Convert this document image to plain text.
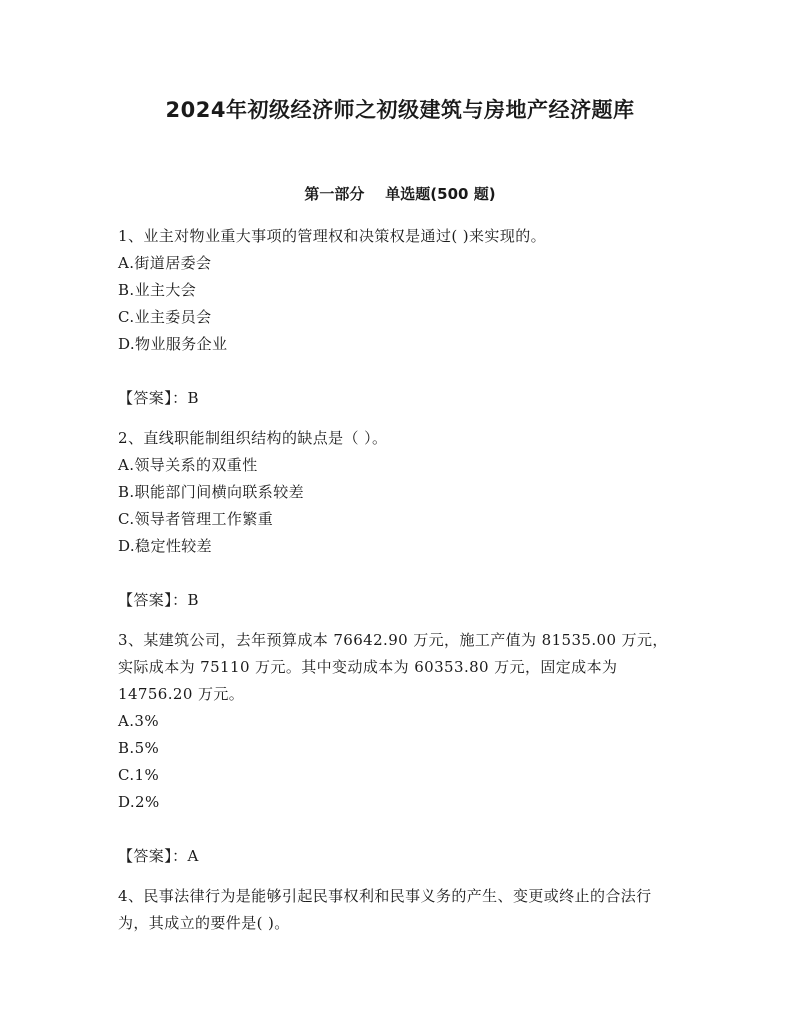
2024年初级经济师之初级建筑与房地产经济题库
第一部分    单选题(500 题)

1、业主对物业重大事项的管理权和决策权是通过( )来实现的。

A.街道居委会

B.业主大会

C.业主委员会

D.物业服务企业

【答案】：B

2、直线职能制组织结构的缺点是（ ）。

A.领导关系的双重性

B.职能部门间横向联系较差

C.领导者管理工作繁重

D.稳定性较差

【答案】：B

3、某建筑公司，去年预算成本 76642.90 万元，施工产值为 81535.00 万元，实际成本为 75110 万元。其中变动成本为 60353.80 万元，固定成本为 14756.20 万元。

A.3%

B.5%

C.1%

D.2%

【答案】：A

4、民事法律行为是能够引起民事权利和民事义务的产生、变更或终止的合法行为，其成立的要件是( )。
